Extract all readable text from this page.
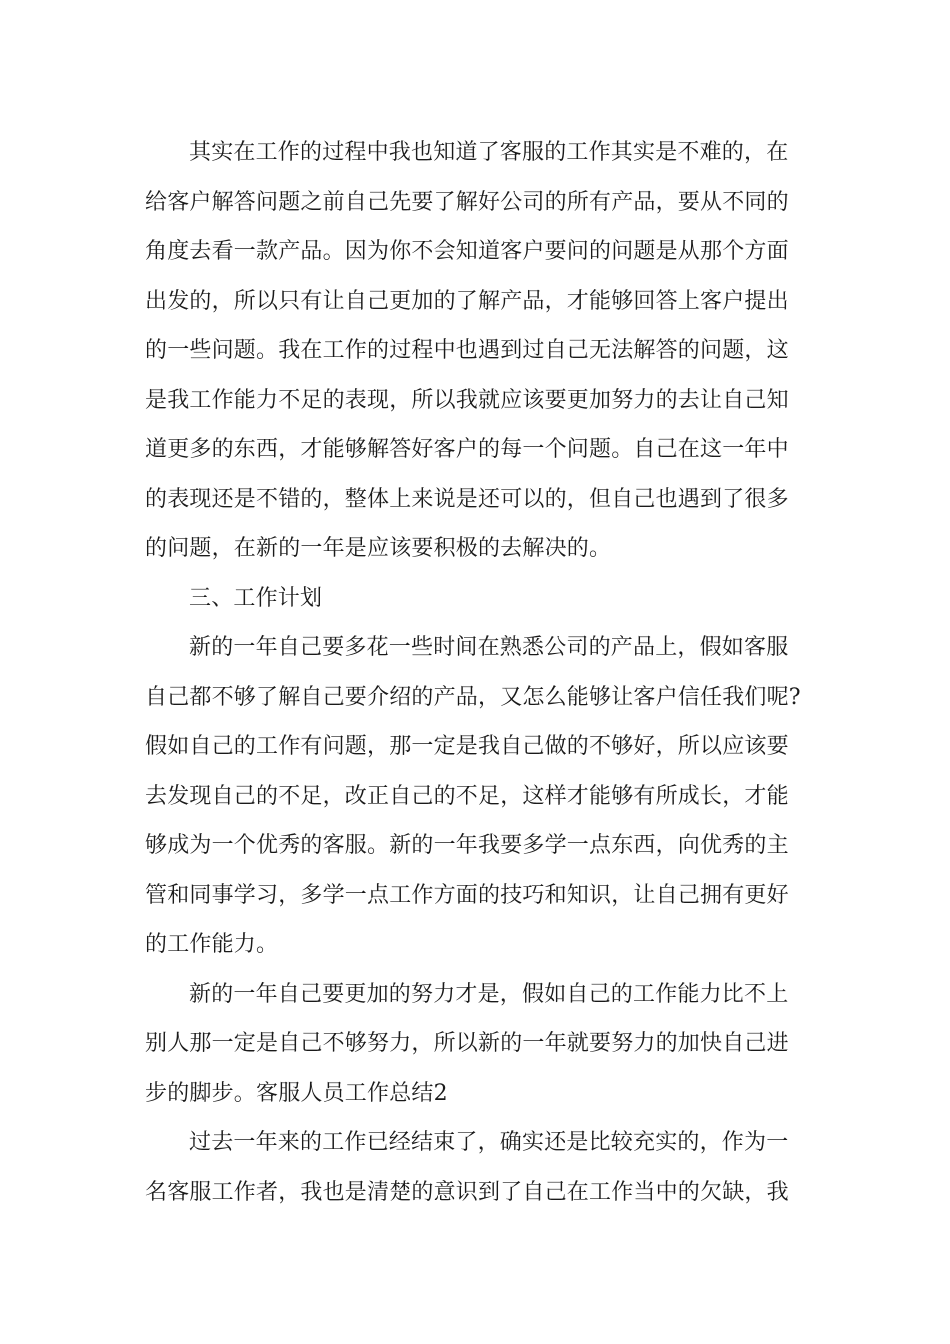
其实在工作的过程中我也知道了客服的工作其实是不难的，在
给客户解答问题之前自己先要了解好公司的所有产品，要从不同的
角度去看一款产品。因为你不会知道客户要问的问题是从那个方面
出发的，所以只有让自己更加的了解产品，才能够回答上客户提出
的一些问题。我在工作的过程中也遇到过自己无法解答的问题，这
是我工作能力不足的表现，所以我就应该要更加努力的去让自己知
道更多的东西，才能够解答好客户的每一个问题。自己在这一年中
的表现还是不错的，整体上来说是还可以的，但自己也遇到了很多
的问题，在新的一年是应该要积极的去解决的。
三、工作计划
新的一年自己要多花一些时间在熟悉公司的产品上，假如客服
自己都不够了解自己要介绍的产品，又怎么能够让客户信任我们呢?
假如自己的工作有问题，那一定是我自己做的不够好，所以应该要
去发现自己的不足，改正自己的不足，这样才能够有所成长，才能
够成为一个优秀的客服。新的一年我要多学一点东西，向优秀的主
管和同事学习，多学一点工作方面的技巧和知识，让自己拥有更好
的工作能力。
新的一年自己要更加的努力才是，假如自己的工作能力比不上
别人那一定是自己不够努力，所以新的一年就要努力的加快自己进
步的脚步。客服人员工作总结2
过去一年来的工作已经结束了，确实还是比较充实的，作为一
名客服工作者，我也是清楚的意识到了自己在工作当中的欠缺，我
